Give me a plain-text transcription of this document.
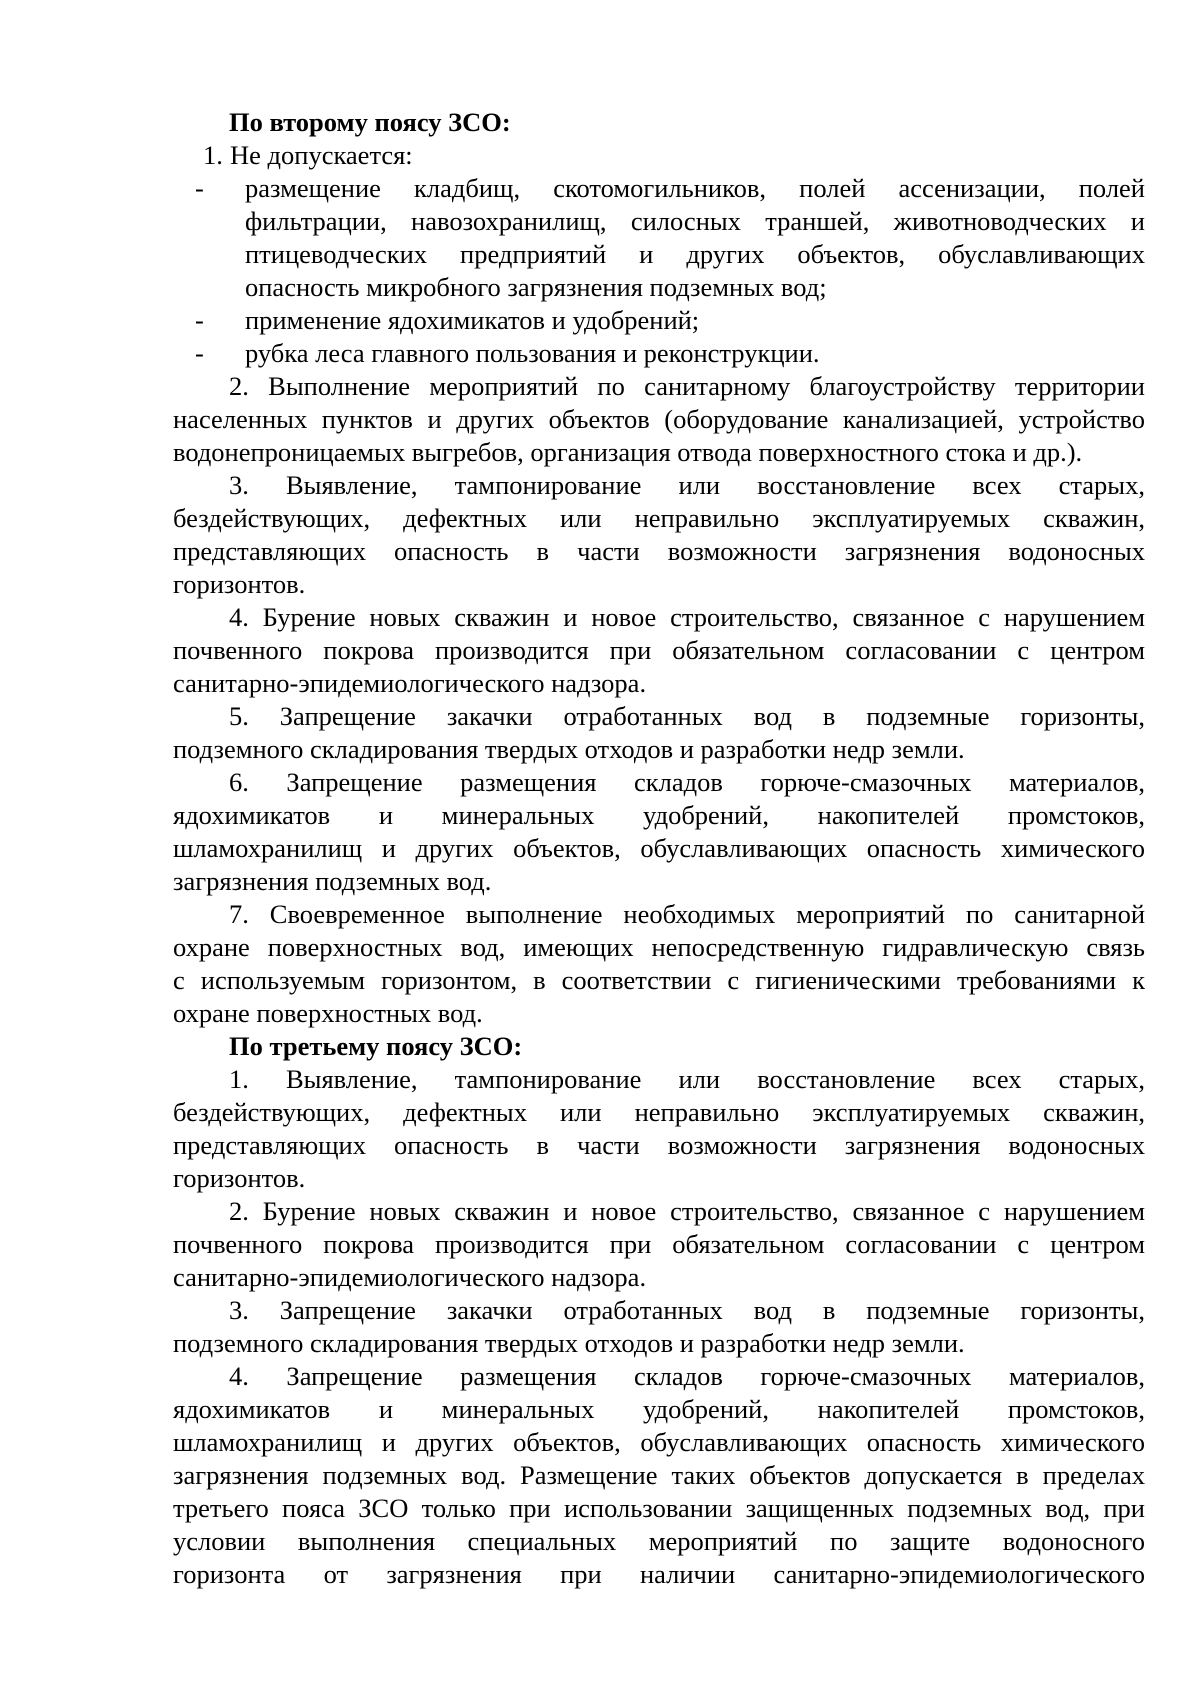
По второму поясу ЗСО:
1. Не допускается:
-	размещение кладбищ, скотомогильников, полей ассенизации, полей
фильтрации, навозохранилищ, силосных траншей, животноводческих и
птицеводческих предприятий и других объектов, обуславливающих
опасность микробного загрязнения подземных вод;
-	применение ядохимикатов и удобрений;
-	рубка леса главного пользования и реконструкции.
2. Выполнение мероприятий по санитарному благоустройству территории
населенных пунктов и других объектов (оборудование канализацией, устройство
водонепроницаемых выгребов, организация отвода поверхностного стока и др.).
3. Выявление, тампонирование или восстановление всех старых,
бездействующих, дефектных или неправильно эксплуатируемых скважин,
представляющих опасность в части возможности загрязнения водоносных
горизонтов.
4. Бурение новых скважин и новое строительство, связанное с нарушением
почвенного покрова производится при обязательном согласовании с центром
санитарно-эпидемиологического надзора.
5. Запрещение закачки отработанных вод в подземные горизонты,
подземного складирования твердых отходов и разработки недр земли.
6. Запрещение размещения складов горюче-смазочных материалов,
ядохимикатов и минеральных удобрений, накопителей промстоков,
шламохранилищ и других объектов, обуславливающих опасность химического
загрязнения подземных вод.
7. Своевременное выполнение необходимых мероприятий по санитарной
охране поверхностных вод, имеющих непосредственную гидравлическую связь
с используемым горизонтом, в соответствии с гигиеническими требованиями к
охране поверхностных вод.
По третьему поясу ЗСО:
1. Выявление, тампонирование или восстановление всех старых,
бездействующих, дефектных или неправильно эксплуатируемых скважин,
представляющих опасность в части возможности загрязнения водоносных
горизонтов.
2. Бурение новых скважин и новое строительство, связанное с нарушением
почвенного покрова производится при обязательном согласовании с центром
санитарно-эпидемиологического надзора.
3. Запрещение закачки отработанных вод в подземные горизонты,
подземного складирования твердых отходов и разработки недр земли.
4. Запрещение размещения складов горюче-смазочных материалов,
ядохимикатов и минеральных удобрений, накопителей промстоков,
шламохранилищ и других объектов, обуславливающих опасность химического
загрязнения подземных вод. Размещение таких объектов допускается в пределах
третьего пояса ЗСО только при использовании защищенных подземных вод, при
условии выполнения специальных мероприятий по защите водоносного
горизонта от загрязнения при наличии санитарно-эпидемиологического
